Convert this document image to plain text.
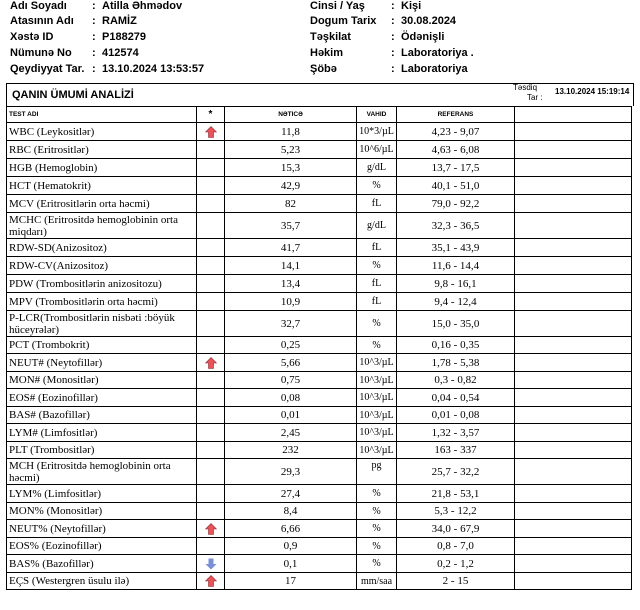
Adı Soyadı : Atilla Əhmədov
Atasının Adı : RAMİZ
Xəstə ID	: P188279
Nümunə No : 412574
Qeydiyyat Tar. : 13.10.2024 13:53:57
Cinsi / Yaş : Kişi
Dogum Tarix : 30.08.2024
Təşkilat	: Ödənişli
Həkim	: Laboratoriya .
Şöbə	: Laboratoriya
QANIN ÜMUMİ ANALİZİ
Təsdiq
Tar :
13.10.2024 15:19:14
TEST ADI	*	NƏTICƏ	VAHID	REFERANS
WBC (Leykositlər)	11,8	10*3/µL	4,23 - 9,07
RBC (Eritrositlər)	5,23	10^6/µL	4,63 - 6,08
HGB (Hemoglobin)	15,3	g/dL	13,7 - 17,5
HCT (Hematokrit)	42,9	%	40,1 - 51,0
MCV (Eritrositlərin orta həcmi)	82	fL	79,0 - 92,2
MCHC (Eritrositdə hemoglobinin orta miqdarı)	35,7	g/dL	32,3 - 36,5
RDW-SD(Anizositoz)	41,7	fL	35,1 - 43,9
RDW-CV(Anizositoz)	14,1	%	11,6 - 14,4
PDW (Trombositlərin anizositozu)	13,4	fL	9,8 - 16,1
MPV (Trombositlərin orta həcmi)	10,9	fL	9,4 - 12,4
P-LCR(Trombositlərin nisbəti :böyük hüceyrələr)	32,7	%	15,0 - 35,0
PCT (Trombokrit)	0,25	%	0,16 - 0,35
NEUT# (Neytofillər)	5,66	10^3/µL	1,78 - 5,38
MON# (Monositlər)	0,75	10^3/µL	0,3 - 0,82
EOS# (Eozinofillər)	0,08	10^3/µL	0,04 - 0,54
BAS# (Bazofillər)	0,01	10^3/µL	0,01 - 0,08
LYM# (Limfositlər)	2,45	10^3/µL	1,32 - 3,57
PLT (Trombositlər)	232	10^3/µL	163 - 337
MCH (Eritrositdə hemoglobinin orta həcmi)	29,3	pg	25,7 - 32,2
LYM% (Limfositlər)	27,4	%	21,8 - 53,1
MON% (Monositlər)	8,4	%	5,3 - 12,2
NEUT% (Neytofillər)	6,66	%	34,0 - 67,9
EOS% (Eozinofillər)	0,9	%	0,8 - 7,0
BAS% (Bazofillər)	0,1	%	0,2 - 1,2
EÇS (Westergren üsulu ilə)	17	mm/saa	2 - 15
